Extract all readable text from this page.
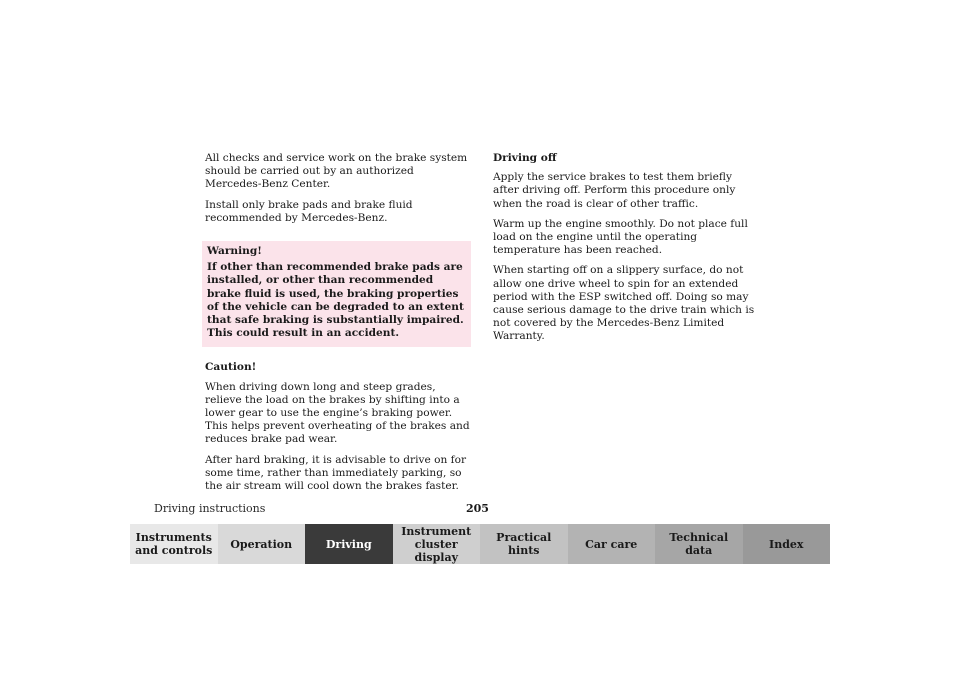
All checks and service work on the brake system should be carried out by an authorized Mercedes-Benz Center.

Install only brake pads and brake fluid recommended by Mercedes-Benz.

Warning!
If other than recommended brake pads are installed, or other than recommended brake fluid is used, the braking properties of the vehicle can be degraded to an extent that safe braking is substantially impaired. This could result in an accident.
Caution!

When driving down long and steep grades, relieve the load on the brakes by shifting into a lower gear to use the engine’s braking power. This helps prevent overheating of the brakes and reduces brake pad wear.

After hard braking, it is advisable to drive on for some time, rather than immediately parking, so the air stream will cool down the brakes faster.

Driving off

Apply the service brakes to test them briefly after driving off. Perform this procedure only when the road is clear of other traffic.

Warm up the engine smoothly. Do not place full load on the engine until the operating temperature has been reached.

When starting off on a slippery surface, do not allow one drive wheel to spin for an extended period with the ESP switched off. Doing so may cause serious damage to the drive train which is not covered by the Mercedes-Benz Limited Warranty.

Driving instructions	205
Instruments
and controls	Operation	Driving
Instrument
cluster display
Practical hints	Car care	Technical
data	Index
